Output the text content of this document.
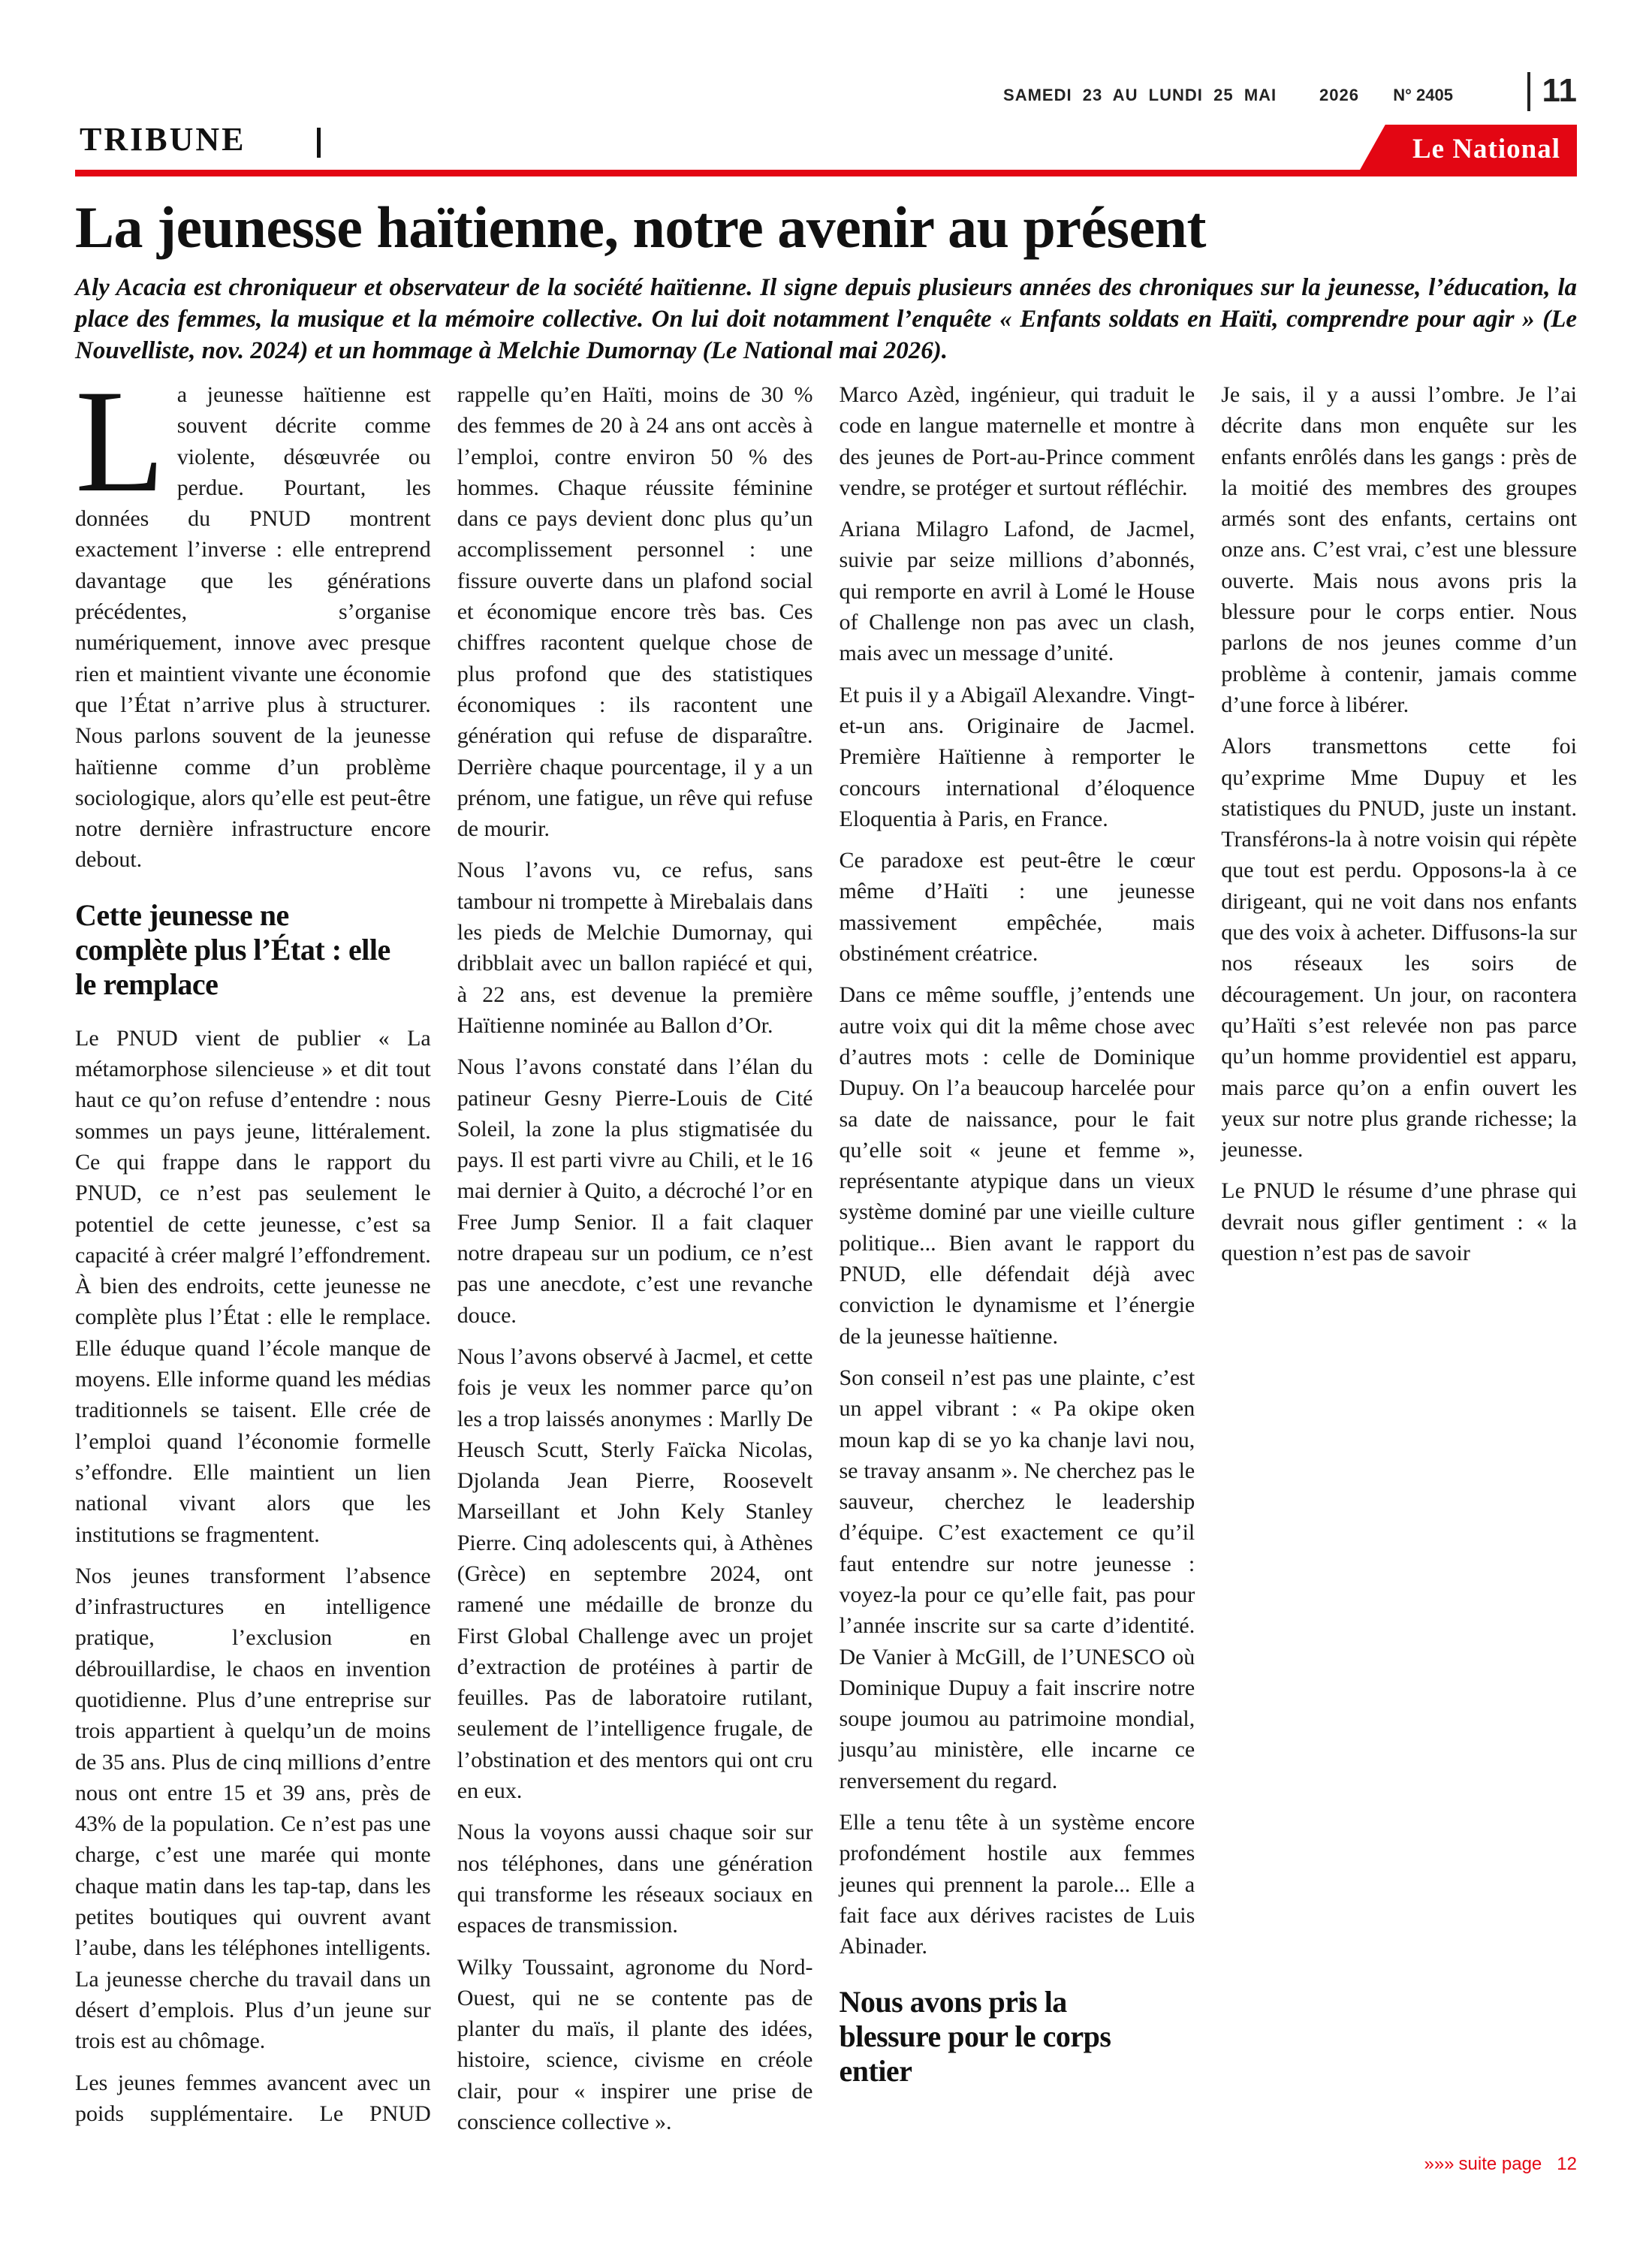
SAMEDI  23  AU  LUNDI  25  MAI	2026 N° 2405	11
TRIBUNE	Le National
La jeunesse haïtienne, notre avenir au présent

Aly Acacia est chroniqueur et observateur de la société haïtienne. Il signe depuis plusieurs années des chroniques sur la jeunesse, l’éducation, la place des femmes, la musique et la mémoire collective. On lui doit notamment l’enquête « Enfants soldats en Haïti, comprendre pour agir » (Le Nouvelliste, nov. 2024) et un hommage à Melchie Dumornay (Le National mai 2026).

La jeunesse haïtienne est souvent décrite comme violente, désœuvrée ou perdue. Pourtant, les données du PNUD montrent exactement l’inverse : elle entreprend davantage que les générations précédentes, s’organise numériquement, innove avec presque rien et maintient vivante une économie que l’État n’arrive plus à structurer. Nous parlons souvent de la jeunesse haïtienne comme d’un problème sociologique, alors qu’elle est peut-être notre dernière infrastructure encore debout.

Cette jeunesse ne
complète plus l’État : elle
le remplace

Le PNUD vient de publier « La métamorphose silencieuse » et dit tout haut ce qu’on refuse d’entendre : nous sommes un pays jeune, littéralement. Ce qui frappe dans le rapport du PNUD, ce n’est pas seulement le potentiel de cette jeunesse, c’est sa capacité à créer malgré l’effondrement. À bien des endroits, cette jeunesse ne complète plus l’État : elle le remplace. Elle éduque quand l’école manque de moyens. Elle informe quand les médias traditionnels se taisent. Elle crée de l’emploi quand l’économie formelle s’effondre. Elle maintient un lien national vivant alors que les institutions se fragmentent.

Nos jeunes transforment l’absence d’infrastructures en intelligence pratique, l’exclusion en débrouillardise, le chaos en invention quotidienne. Plus d’une entreprise sur trois appartient à quelqu’un de moins de 35 ans. Plus de cinq millions d’entre nous ont entre 15 et 39 ans, près de 43% de la population. Ce n’est pas une charge, c’est une marée qui monte chaque matin dans les tap-tap, dans les petites boutiques qui ouvrent avant l’aube, dans les téléphones intelligents. La jeunesse cherche du travail dans un désert d’emplois. Plus d’un jeune sur trois est au chômage.

Les jeunes femmes avancent avec un poids supplémentaire. Le PNUD rappelle qu’en Haïti, moins de 30 % des femmes de 20 à 24 ans ont accès à l’emploi, contre environ 50 % des hommes. Chaque réussite féminine dans ce pays devient donc plus qu’un accomplissement personnel : une fissure ouverte dans un plafond social et économique encore très bas. Ces chiffres racontent quelque chose de plus profond que des statistiques économiques : ils racontent une génération qui refuse de disparaître. Derrière chaque pourcentage, il y a un prénom, une fatigue, un rêve qui refuse de mourir.

Nous l’avons vu, ce refus, sans tambour ni trompette à Mirebalais dans les pieds de Melchie Dumornay, qui dribblait avec un ballon rapiécé et qui, à 22 ans, est devenue la première Haïtienne nominée au Ballon d’Or.

Nous l’avons constaté dans l’élan du patineur Gesny Pierre-Louis de Cité Soleil, la zone la plus stigmatisée du pays. Il est parti vivre au Chili, et le 16 mai dernier à Quito, a décroché l’or en Free Jump Senior. Il a fait claquer notre drapeau sur un podium, ce n’est pas une anecdote, c’est une revanche douce.

Nous l’avons observé à Jacmel, et cette fois je veux les nommer parce qu’on les a trop laissés anonymes : Marlly De Heusch Scutt, Sterly Faïcka Nicolas, Djolanda Jean Pierre, Roosevelt Marseillant et John Kely Stanley Pierre. Cinq adolescents qui, à Athènes (Grèce) en septembre 2024, ont ramené une médaille de bronze du First Global Challenge avec un projet d’extraction de protéines à partir de feuilles. Pas de laboratoire rutilant, seulement de l’intelligence frugale, de l’obstination et des mentors qui ont cru en eux.

Nous la voyons aussi chaque soir sur nos téléphones, dans une génération qui transforme les réseaux sociaux en espaces de transmission.

Wilky Toussaint, agronome du Nord-Ouest, qui ne se contente pas de planter du maïs, il plante des idées, histoire, science, civisme en créole clair, pour « inspirer une prise de conscience collective ».

Marco Azèd, ingénieur, qui traduit le code en langue maternelle et montre à des jeunes de Port-au-Prince comment vendre, se protéger et surtout réfléchir.

Ariana Milagro Lafond, de Jacmel, suivie par seize millions d’abonnés, qui remporte en avril à Lomé le House of Challenge non pas avec un clash, mais avec un message d’unité.

Et puis il y a Abigaïl Alexandre. Vingt-et-un ans. Originaire de Jacmel. Première Haïtienne à remporter le concours international d’éloquence Eloquentia à Paris, en France.

Ce paradoxe est peut-être le cœur même d’Haïti : une jeunesse massivement empêchée, mais obstinément créatrice.

Dans ce même souffle, j’entends une autre voix qui dit la même chose avec d’autres mots : celle de Dominique Dupuy. On l’a beaucoup harcelée pour sa date de naissance, pour le fait qu’elle soit « jeune et femme », représentante atypique dans un vieux système dominé par une vieille culture politique... Bien avant le rapport du PNUD, elle défendait déjà avec conviction le dynamisme et l’énergie de la jeunesse haïtienne.

Son conseil n’est pas une plainte, c’est un appel vibrant : « Pa okipe oken moun kap di se yo ka chanje lavi nou, se travay ansanm ». Ne cherchez pas le sauveur, cherchez le leadership d’équipe. C’est exactement ce qu’il faut entendre sur notre jeunesse : voyez-la pour ce qu’elle fait, pas pour l’année inscrite sur sa carte d’identité. De Vanier à McGill, de l’UNESCO où Dominique Dupuy a fait inscrire notre soupe joumou au patrimoine mondial, jusqu’au ministère, elle incarne ce renversement du regard.

Elle a tenu tête à un système encore profondément hostile aux femmes jeunes qui prennent la parole... Elle a fait face aux dérives racistes de Luis Abinader.

Nous avons pris la
blessure pour le corps
entier

Je sais, il y a aussi l’ombre. Je l’ai décrite dans mon enquête sur les enfants enrôlés dans les gangs : près de la moitié des membres des groupes armés sont des enfants, certains ont onze ans. C’est vrai, c’est une blessure ouverte. Mais nous avons pris la blessure pour le corps entier. Nous parlons de nos jeunes comme d’un problème à contenir, jamais comme d’une force à libérer.

Alors transmettons cette foi qu’exprime Mme Dupuy et les statistiques du PNUD, juste un instant. Transférons-la à notre voisin qui répète que tout est perdu. Opposons-la à ce dirigeant, qui ne voit dans nos enfants que des voix à acheter. Diffusons-la sur nos réseaux les soirs de découragement. Un jour, on racontera qu’Haïti s’est relevée non pas parce qu’un homme providentiel est apparu, mais parce qu’on a enfin ouvert les yeux sur notre plus grande richesse; la jeunesse.

Le PNUD le résume d’une phrase qui devrait nous gifler gentiment : « la question n’est pas de savoir

»»» suite page 12
